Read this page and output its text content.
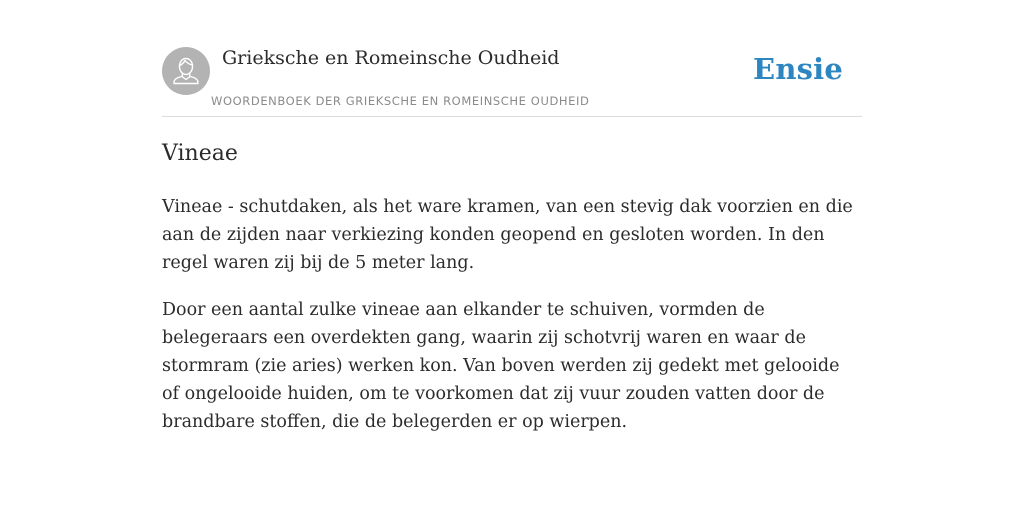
Grieksche en Romeinsche Oudheid
WOORDENBOEK DER GRIEKSCHE EN ROMEINSCHE OUDHEID
Ensie
Vineae

Vineae - schutdaken, als het ware kramen, van een stevig dak voorzien en die aan de zijden naar verkiezing konden geopend en gesloten worden. In den regel waren zij bij de 5 meter lang.

Door een aantal zulke vineae aan elkander te schuiven, vormden de belegeraars een overdekten gang, waarin zij schotvrij waren en waar de stormram (zie aries) werken kon. Van boven werden zij gedekt met gelooide of ongelooide huiden, om te voorkomen dat zij vuur zouden vatten door de brandbare stoffen, die de belegerden er op wierpen.
